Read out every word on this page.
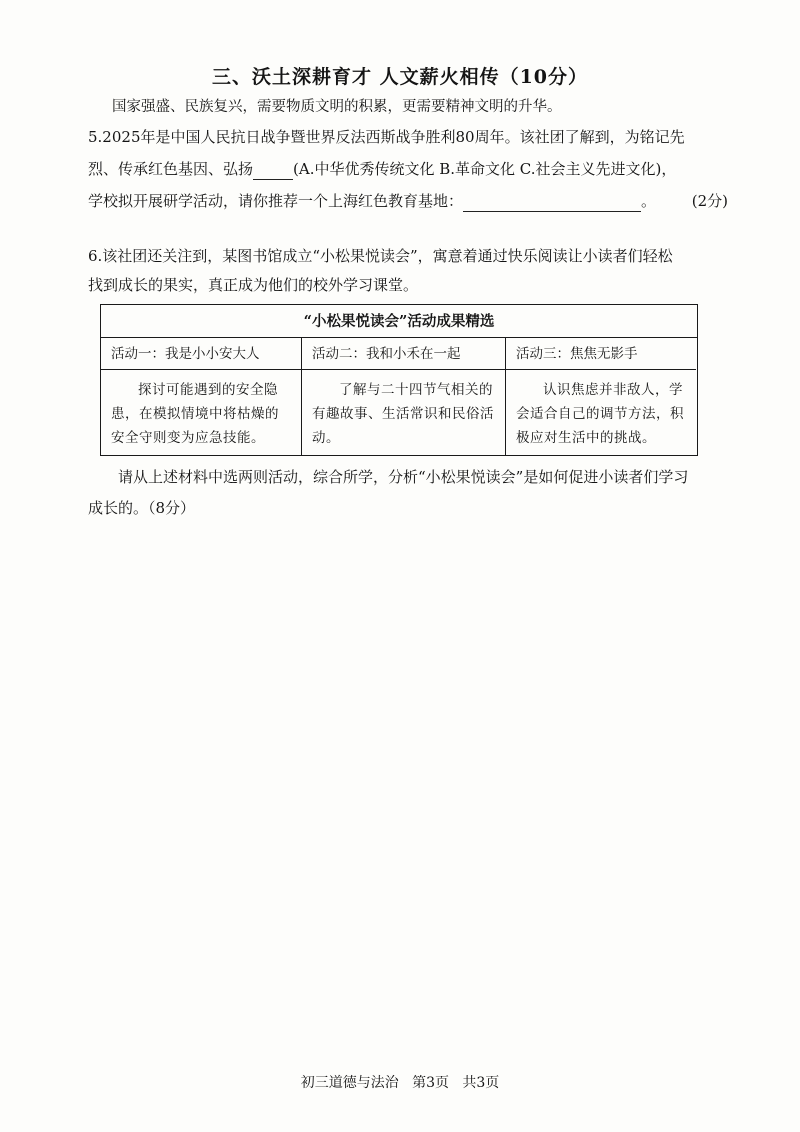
三、沃土深耕育才 人文薪火相传（10分）
国家强盛、民族复兴，需要物质文明的积累，更需要精神文明的升华。
5.2025年是中国人民抗日战争暨世界反法西斯战争胜利80周年。该社团了解到，为铭记先
烈、传承红色基因、弘扬	(A.中华优秀传统文化 B.革命文化 C.社会主义先进文化)，
学校拟开展研学活动，请你推荐一个上海红色教育基地：	。 (2分)
6.该社团还关注到，某图书馆成立“小松果悦读会”，寓意着通过快乐阅读让小读者们轻松
找到成长的果实，真正成为他们的校外学习课堂。
“小松果悦读会”活动成果精选
活动一：我是小小安大人
探讨可能遇到的安全隐患，在模拟情境中将枯燥的安全守则变为应急技能。
活动二：我和小禾在一起
了解与二十四节气相关的有趣故事、生活常识和民俗活动。
活动三：焦焦无影手
认识焦虑并非敌人，学会适合自己的调节方法，积极应对生活中的挑战。
请从上述材料中选两则活动，综合所学，分析“小松果悦读会”是如何促进小读者们学习
成长的。（8分）
初三道德与法治   第3页   共3页
